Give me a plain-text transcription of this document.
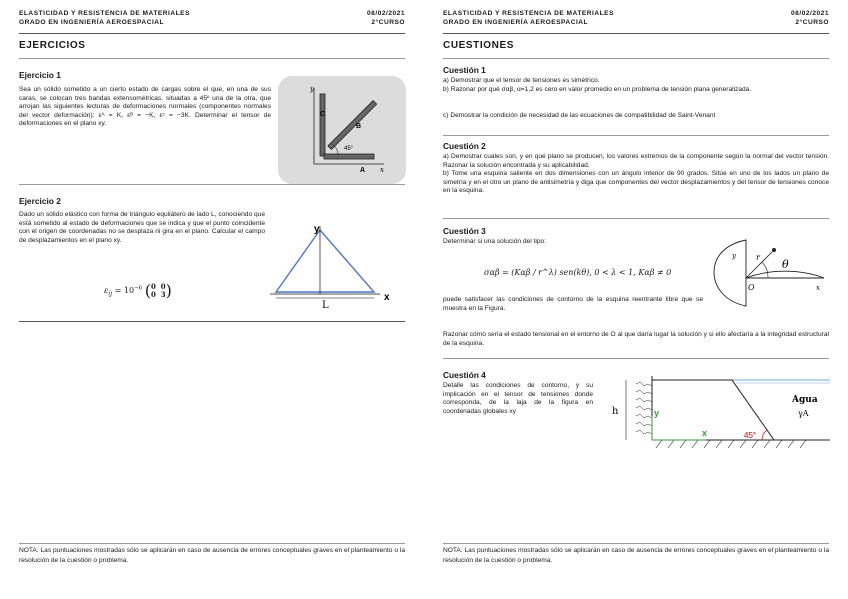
ELASTICIDAD Y RESISTENCIA DE MATERIALES
GRADO EN INGENIERÍA AEROESPACIAL
08/02/2021
2°CURSO
EJERCICIOS
Ejercicio 1
Sea un sólido sometido a un cierto estado de cargas sobre el que, en una de sus caras, se colocan tres bandas extensométricas, situadas a 45º una de la otra, que arrojan las siguientes lecturas de deformaciones normales (componentes normales del vector deformación): εᴬ = K, εᴮ = −K, εᶜ = −3K. Determinar el tensor de deformaciones en el plano xy.
y
x
C
B
A
45°
Ejercicio 2
Dado un sólido elástico con forma de triángulo equilátero de lado L, conociendo que está sometido al estado de deformaciones que se indica y que el punto coincidente con el origen de coordenadas no se desplaza ni gira en el plano. Calcular el campo de desplazamientos en el plano xy.
$\varepsilon_{ij} = 10^{-6}$ (0 0
0 3)
y
x
L
NOTA: Las puntuaciones mostradas sólo se aplicarán en caso de ausencia de errores conceptuales graves en el planteamiento o la resolución de la cuestión o problema.
ELASTICIDAD Y RESISTENCIA DE MATERIALES
GRADO EN INGENIERÍA AEROESPACIAL
08/02/2021
2°CURSO
CUESTIONES
Cuestión 1
a) Demostrar que el tensor de tensiones es simétrico.
b) Razonar por qué σαβ, α=1,2 es cero en valor promedio en un problema de tensión plana generalizada.
c) Demostrar la condición de necesidad de las ecuaciones de compatibilidad de Saint-Venant
Cuestión 2
a) Demostrar cuales son, y en qué plano se producen, los valores extremos de la componente según la normal del vector tensión. Razonar la solución encontrada y su aplicabilidad.
b) Tome una esquina saliente en dos dimensiones con un ángulo interior de 90 grados. Sitúe en uno de los lados un plano de simetría y en el otro un plano de antisimetría y diga que componentes del vector desplazamientos y del tensor de tensiones conoce en la esquina.
Cuestión 3
Determinar si una solución del tipo:
σαβ = (Kαβ / r^λ) sen(kθ), 0 < λ < 1, Kαβ ≠ 0
puede satisfacer las condiciones de contorno de la esquina reentrante libre que se muestra en la Figura.
Razonar cómo sería el estado tensional en el entorno de O al que daría lugar la solución y si ello afectaría a la integridad estructural de la esquina.
y
x
r
θ
O
Cuestión 4
Detalle las condiciones de contorno, y su implicación en el tensor de tensiones donde corresponda, de la laja de la figura en coordenadas globales xy	y
x
h
Agua
γA
45°
NOTA: Las puntuaciones mostradas sólo se aplicarán en caso de ausencia de errores conceptuales graves en el planteamiento o la resolución de la cuestión o problema.
